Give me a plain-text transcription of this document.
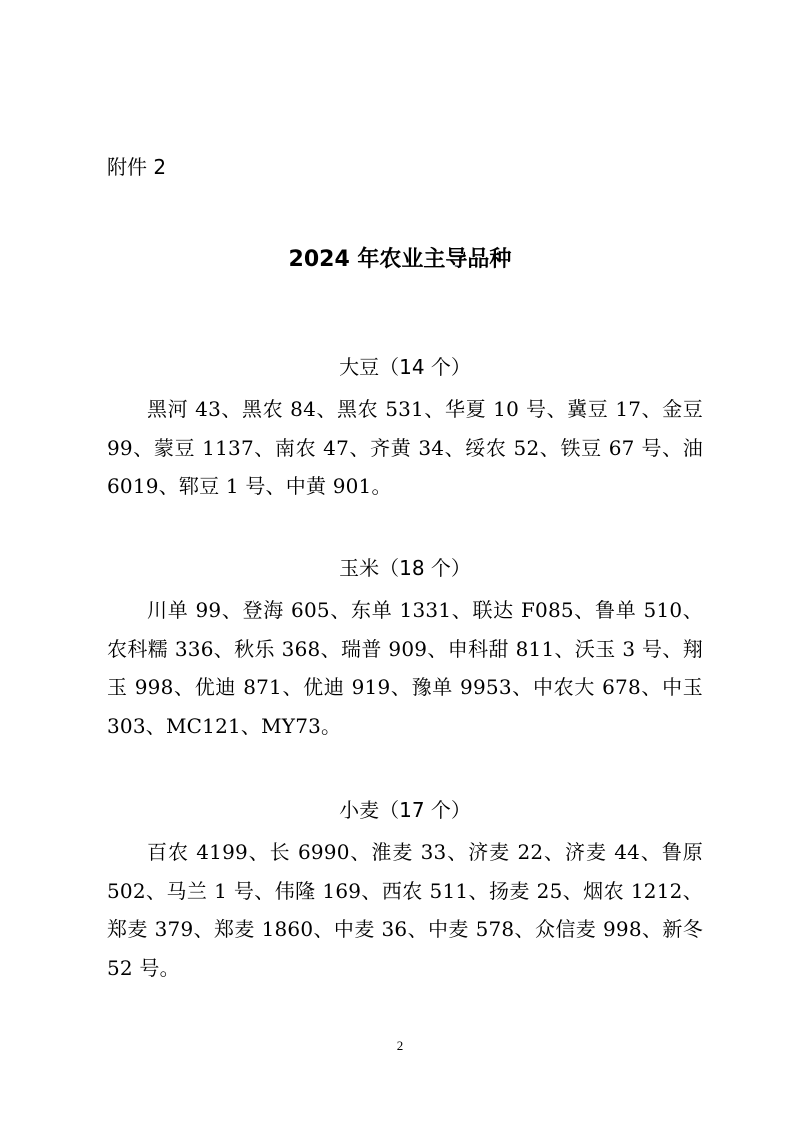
附件 2
2024 年农业主导品种
大豆（14 个）

黑河 43、黑农 84、黑农 531、华夏 10 号、冀豆 17、金豆 99、蒙豆 1137、南农 47、齐黄 34、绥农 52、铁豆 67 号、油 6019、郓豆 1 号、中黄 901。

玉米（18 个）

川单 99、登海 605、东单 1331、联达 F085、鲁单 510、农科糯 336、秋乐 368、瑞普 909、申科甜 811、沃玉 3 号、翔玉 998、优迪 871、优迪 919、豫单 9953、中农大 678、中玉 303、MC121、MY73。

小麦（17 个）

百农 4199、长 6990、淮麦 33、济麦 22、济麦 44、鲁原 502、马兰 1 号、伟隆 169、西农 511、扬麦 25、烟农 1212、郑麦 379、郑麦 1860、中麦 36、中麦 578、众信麦 998、新冬 52 号。

2
